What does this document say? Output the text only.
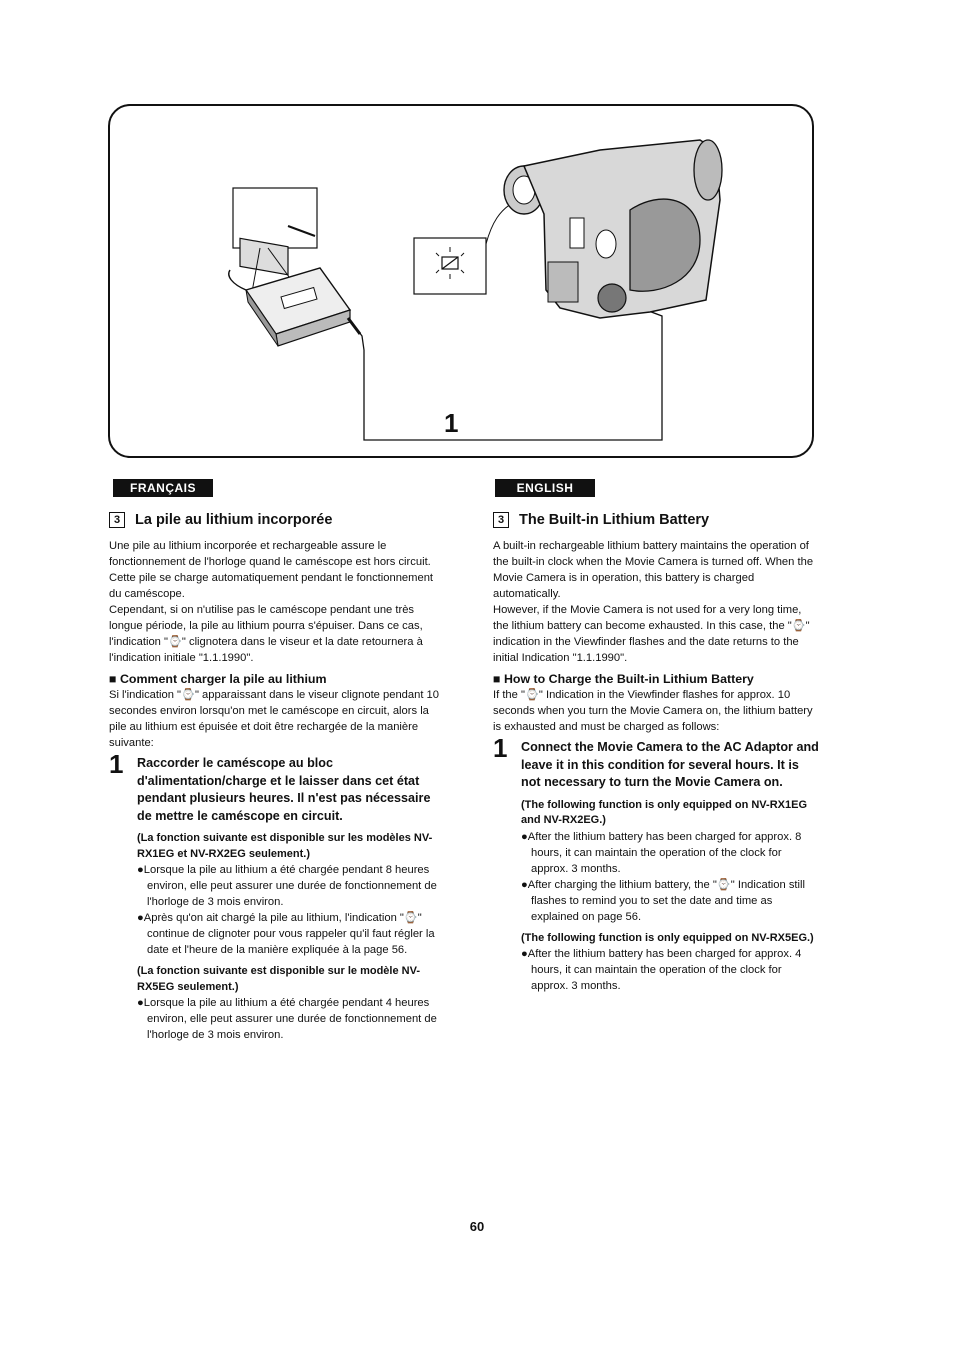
1
FRANÇAIS	ENGLISH
3	La pile au lithium incorporée

Une pile au lithium incorporée et rechargeable assure le fonctionnement de l'horloge quand le caméscope est hors circuit. Cette pile se charge automatiquement pendant le fonctionnement du caméscope.

Cependant, si on n'utilise pas le caméscope pendant une très longue période, la pile au lithium pourra s'épuiser. Dans ce cas, l'indication "⌚" clignotera dans le viseur et la date retournera à l'indication initiale "1.1.1990".

■ Comment charger la pile au lithium

Si l'indication "⌚" apparaissant dans le viseur clignote pendant 10 secondes environ lorsqu'on met le caméscope en circuit, alors la pile au lithium est épuisée et doit être rechargée de la manière suivante:

1	Raccorder le caméscope au bloc d'alimentation/charge et le laisser dans cet état pendant plusieurs heures. Il n'est pas nécessaire de mettre le caméscope en circuit.

(La fonction suivante est disponible sur les modèles NV-RX1EG et NV-RX2EG seulement.)

●Lorsque la pile au lithium a été chargée pendant 8 heures environ, elle peut assurer une durée de fonctionnement de l'horloge de 3 mois environ.
●Après qu'on ait chargé la pile au lithium, l'indication "⌚" continue de clignoter pour vous rappeler qu'il faut régler la date et l'heure de la manière expliquée à la page 56.

(La fonction suivante est disponible sur le modèle NV-RX5EG seulement.)

●Lorsque la pile au lithium a été chargée pendant 4 heures environ, elle peut assurer une durée de fonctionnement de l'horloge de 3 mois environ.
3	The Built-in Lithium Battery

A built-in rechargeable lithium battery maintains the operation of the built-in clock when the Movie Camera is turned off. When the Movie Camera is in operation, this battery is charged automatically.

However, if the Movie Camera is not used for a very long time, the lithium battery can become exhausted. In this case, the "⌚" indication in the Viewfinder flashes and the date returns to the initial Indication "1.1.1990".

■ How to Charge the Built-in Lithium Battery

If the "⌚" Indication in the Viewfinder flashes for approx. 10 seconds when you turn the Movie Camera on, the lithium battery is exhausted and must be charged as follows:

1	Connect the Movie Camera to the AC Adaptor and leave it in this condition for several hours. It is not necessary to turn the Movie Camera on.

(The following function is only equipped on NV-RX1EG and NV-RX2EG.)

●After the lithium battery has been charged for approx. 8 hours, it can maintain the operation of the clock for approx. 3 months.
●After charging the lithium battery, the "⌚" Indication still flashes to remind you to set the date and time as explained on page 56.

(The following function is only equipped on NV-RX5EG.)

●After the lithium battery has been charged for approx. 4 hours, it can maintain the operation of the clock for approx. 3 months.
60
